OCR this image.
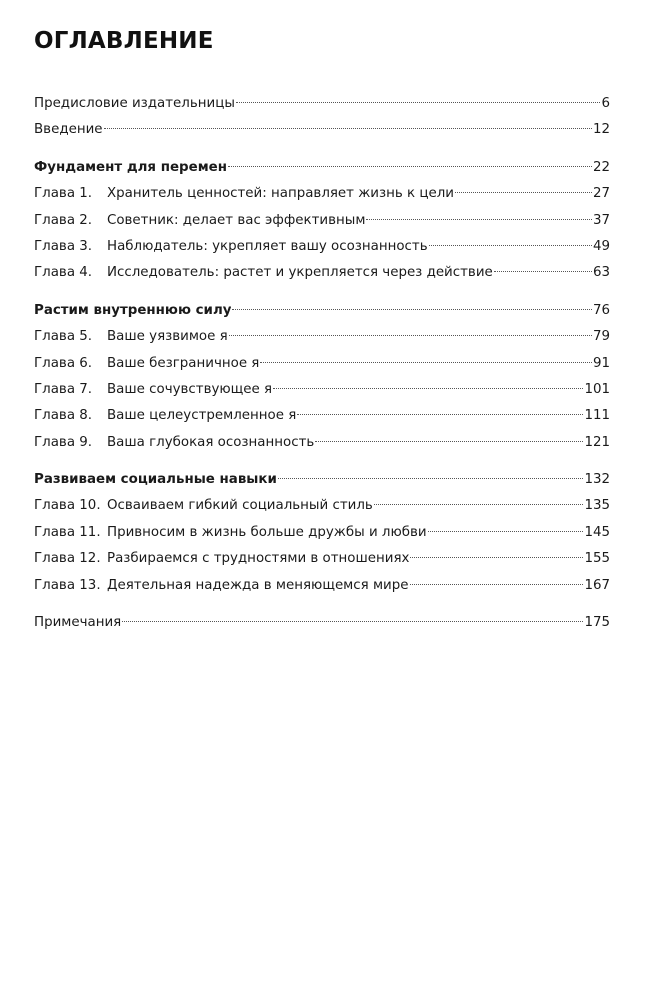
ОГЛАВЛЕНИЕ
Предисловие издательницы	6
Введение	12
Фундамент для перемен	22
Глава 1.	Хранитель ценностей: направляет жизнь к цели	27
Глава 2.	Советник: делает вас эффективным	37
Глава 3.	Наблюдатель: укрепляет вашу осознанность	49
Глава 4.	Исследователь: растет и укрепляется через действие	63
Растим внутреннюю силу	76
Глава 5.	Ваше уязвимое я	79
Глава 6.	Ваше безграничное я	91
Глава 7.	Ваше сочувствующее я	101
Глава 8.	Ваше целеустремленное я	111
Глава 9.	Ваша глубокая осознанность	121
Развиваем социальные навыки	132
Глава 10. Осваиваем гибкий социальный стиль	135
Глава 11. Привносим в жизнь больше дружбы и любви	145
Глава 12. Разбираемся с трудностями в отношениях	155
Глава 13. Деятельная надежда в меняющемся мире	167
Примечания	175
